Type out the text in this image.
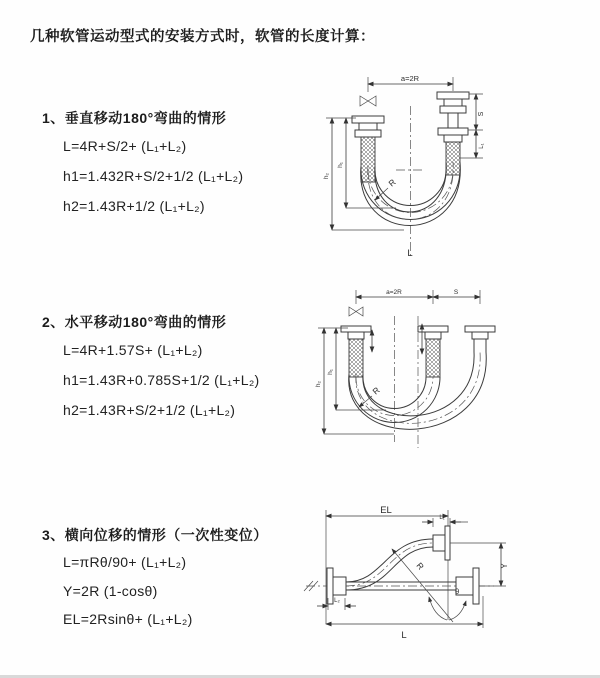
几种软管运动型式的安装方式时，软管的长度计算：
1、垂直移动180°弯曲的情形
L=4R+S/2+ (L₁+L₂)
h1=1.432R+S/2+1/2 (L₁+L₂)
h2=1.43R+1/2 (L₁+L₂)
a=2R
h₁
h₂
S
L₁
R
L
2、水平移动180°弯曲的情形
L=4R+1.57S+ (L₁+L₂)
h1=1.43R+0.785S+1/2 (L₁+L₂)
h2=1.43R+S/2+1/2 (L₁+L₂)
a=2R	S
h₁
h₂
R
3、横向位移的情形（一次性变位）
L=πRθ/90+ (L₁+L₂)
Y=2R (1-cosθ)
EL=2Rsinθ+ (L₁+L₂)
EL
L₁
R
θ
Y
L₂
L
